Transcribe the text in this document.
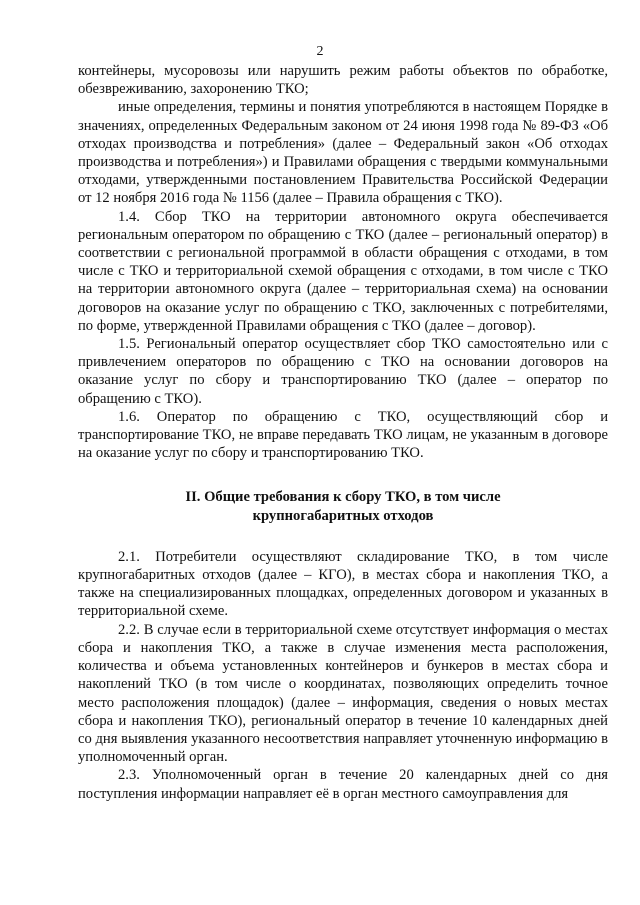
2

контейнеры, мусоровозы или нарушить режим работы объектов по обработке, обезвреживанию, захоронению ТКО;

иные определения, термины и понятия употребляются в настоящем Порядке в значениях, определенных Федеральным законом от 24 июня 1998 года № 89-ФЗ «Об отходах производства и потребления» (далее – Федеральный закон «Об отходах производства и потребления») и Правилами обращения с твердыми коммунальными отходами, утвержденными постановлением Правительства Российской Федерации от 12 ноября 2016 года № 1156 (далее – Правила обращения с ТКО).

1.4. Сбор ТКО на территории автономного округа обеспечивается региональным оператором по обращению с ТКО (далее – региональный оператор) в соответствии с региональной программой в области обращения с отходами, в том числе с ТКО и территориальной схемой обращения с отходами, в том числе с ТКО на территории автономного округа (далее – территориальная схема) на основании договоров на оказание услуг по обращению с ТКО, заключенных с потребителями, по форме, утвержденной Правилами обращения с ТКО (далее – договор).

1.5. Региональный оператор осуществляет сбор ТКО самостоятельно или с привлечением операторов по обращению с ТКО на основании договоров на оказание услуг по сбору и транспортированию ТКО (далее – оператор по обращению с ТКО).

1.6. Оператор по обращению с ТКО, осуществляющий сбор и транспортирование ТКО, не вправе передавать ТКО лицам, не указанным в договоре на оказание услуг по сбору и транспортированию ТКО.

II. Общие требования к сбору ТКО, в том числе
крупногабаритных отходов

2.1. Потребители осуществляют складирование ТКО, в том числе крупногабаритных отходов (далее – КГО), в местах сбора и накопления ТКО, а также на специализированных площадках, определенных договором и указанных в территориальной схеме.

2.2. В случае если в территориальной схеме отсутствует информация о местах сбора и накопления ТКО, а также в случае изменения места расположения, количества и объема установленных контейнеров и бункеров в местах сбора и накоплений ТКО (в том числе о координатах, позволяющих определить точное место расположения площадок) (далее – информация, сведения о новых местах сбора и накопления ТКО), региональный оператор в течение 10 календарных дней со дня выявления указанного несоответствия направляет уточненную информацию в уполномоченный орган.

2.3. Уполномоченный орган в течение 20 календарных дней со дня поступления информации направляет её в орган местного самоуправления для
